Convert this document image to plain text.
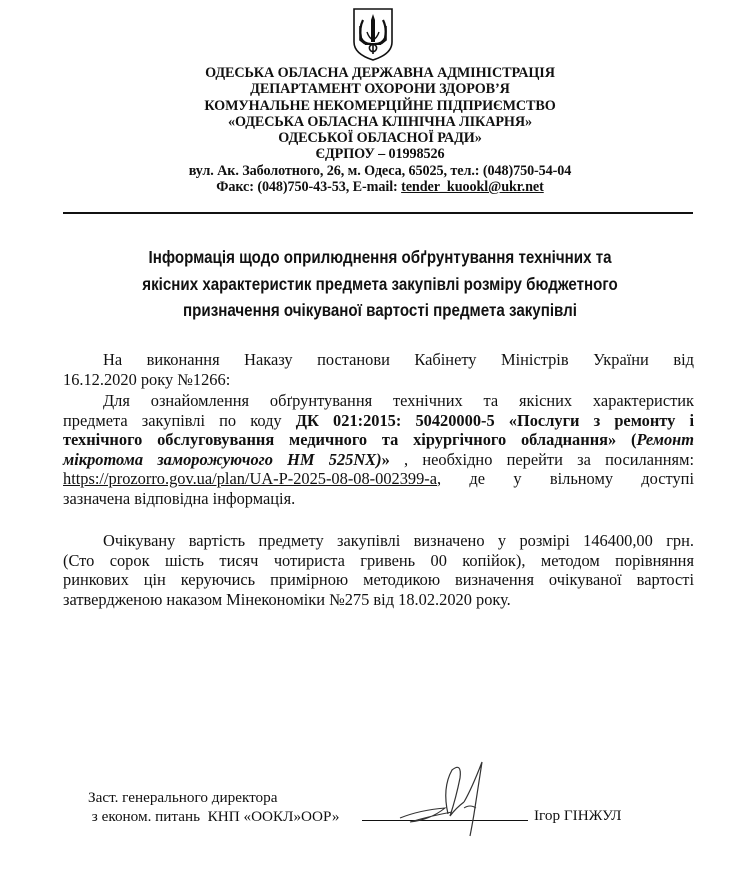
ОДЕСЬКА ОБЛАСНА ДЕРЖАВНА АДМІНІСТРАЦІЯ
ДЕПАРТАМЕНТ ОХОРОНИ ЗДОРОВ’Я
КОМУНАЛЬНЕ НЕКОМЕРЦІЙНЕ ПІДПРИЄМСТВО
«ОДЕСЬКА ОБЛАСНА КЛІНІЧНА ЛІКАРНЯ»
ОДЕСЬКОЇ ОБЛАСНОЇ РАДИ»
ЄДРПОУ – 01998526
вул. Ак. Заболотного, 26, м. Одеса, 65025, тел.: (048)750-54-04
Факс: (048)750-43-53, E-mail: tender_kuookl@ukr.net
Інформація щодо оприлюднення обґрунтування технічних та
якісних характеристик предмета закупівлі розміру бюджетного
призначення очікуваної вартості предмета закупівлі
На виконання Наказу постанови Кабінету Міністрів України від
16.12.2020 року №1266:
Для ознайомлення обґрунтування технічних та якісних характеристик
предмета закупівлі по коду ДК 021:2015: 50420000-5 «Послуги з ремонту і
технічного обслуговування медичного та хірургічного обладнання» (Ремонт
мікротома заморожуючого НМ 525NX)» , необхідно перейти за посиланням:
https://prozorro.gov.ua/plan/UA-P-2025-08-08-002399-a, де у вільному доступі
зазначена відповідна інформація.
Очікувану вартість предмету закупівлі визначено у розмірі 146400,00 грн.
(Сто сорок шість тисяч чотириста гривень 00 копійок), методом порівняння
ринкових цін керуючись примірною методикою визначення очікуваної вартості
затвердженою наказом Мінекономіки №275 від 18.02.2020 року.
Заст. генерального директора
з економ. питань  КНП «ООКЛ»ООР»	Ігор ГІНЖУЛ
